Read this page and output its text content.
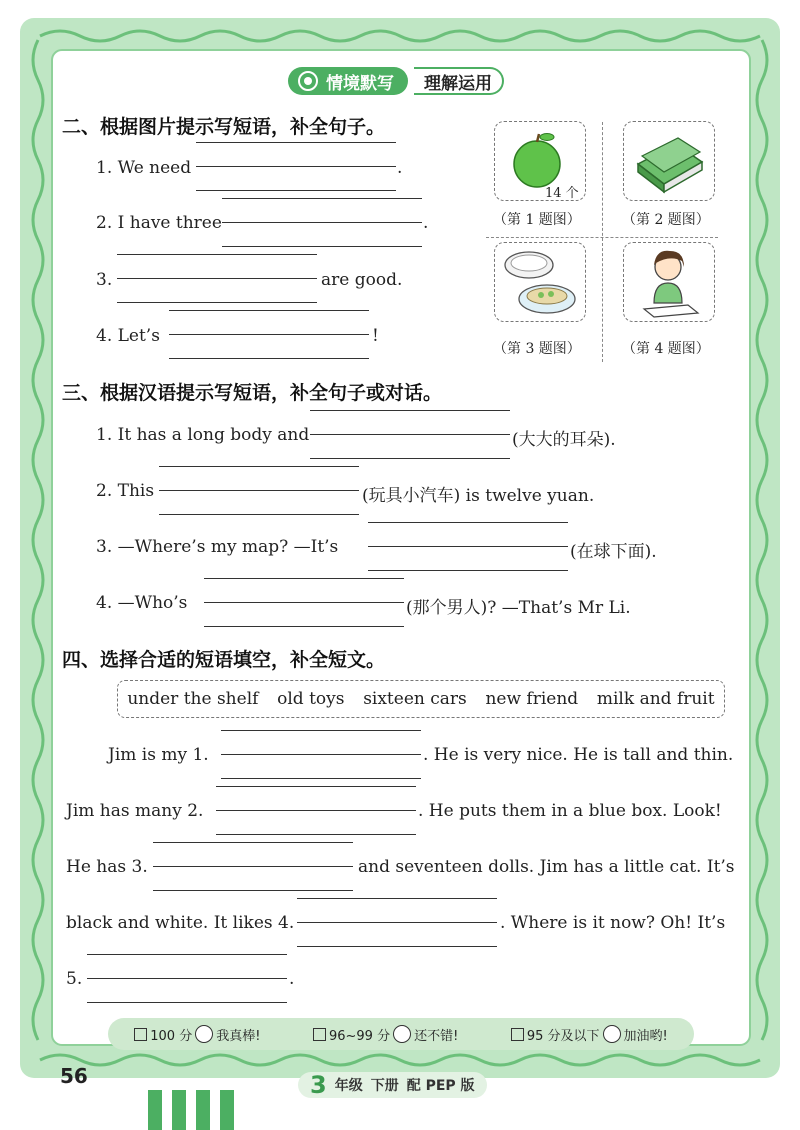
情境默写	理解运用
二、根据图片提示写短语，补全句子。
1. We need	.
2. I have three	.
3.	are good.
4. Let’s	!
14 个
（第 1 题图）	（第 2 题图）
（第 3 题图）	（第 4 题图）
三、根据汉语提示写短语，补全句子或对话。
1. It has a long body and	(大大的耳朵).
2. This	(玩具小汽车) is twelve yuan.
3. —Where’s my map? —It’s	(在球下面).
4. —Who’s	(那个男人)? —That’s Mr Li.
四、选择合适的短语填空，补全短文。
under the shelf old toys sixteen cars new friend milk and fruit
Jim is my 1.	. He is very nice. He is tall and thin.
Jim has many 2.	. He puts them in a blue box. Look!
He has 3.	and seventeen dolls. Jim has a little cat. It’s
black and white. It likes 4.	. Where is it now? Oh! It’s
5.	.
100 分 我真棒!	96~99 分 还不错!	95 分及以下 加油哟!
56	3 年级 下册 配 PEP 版
